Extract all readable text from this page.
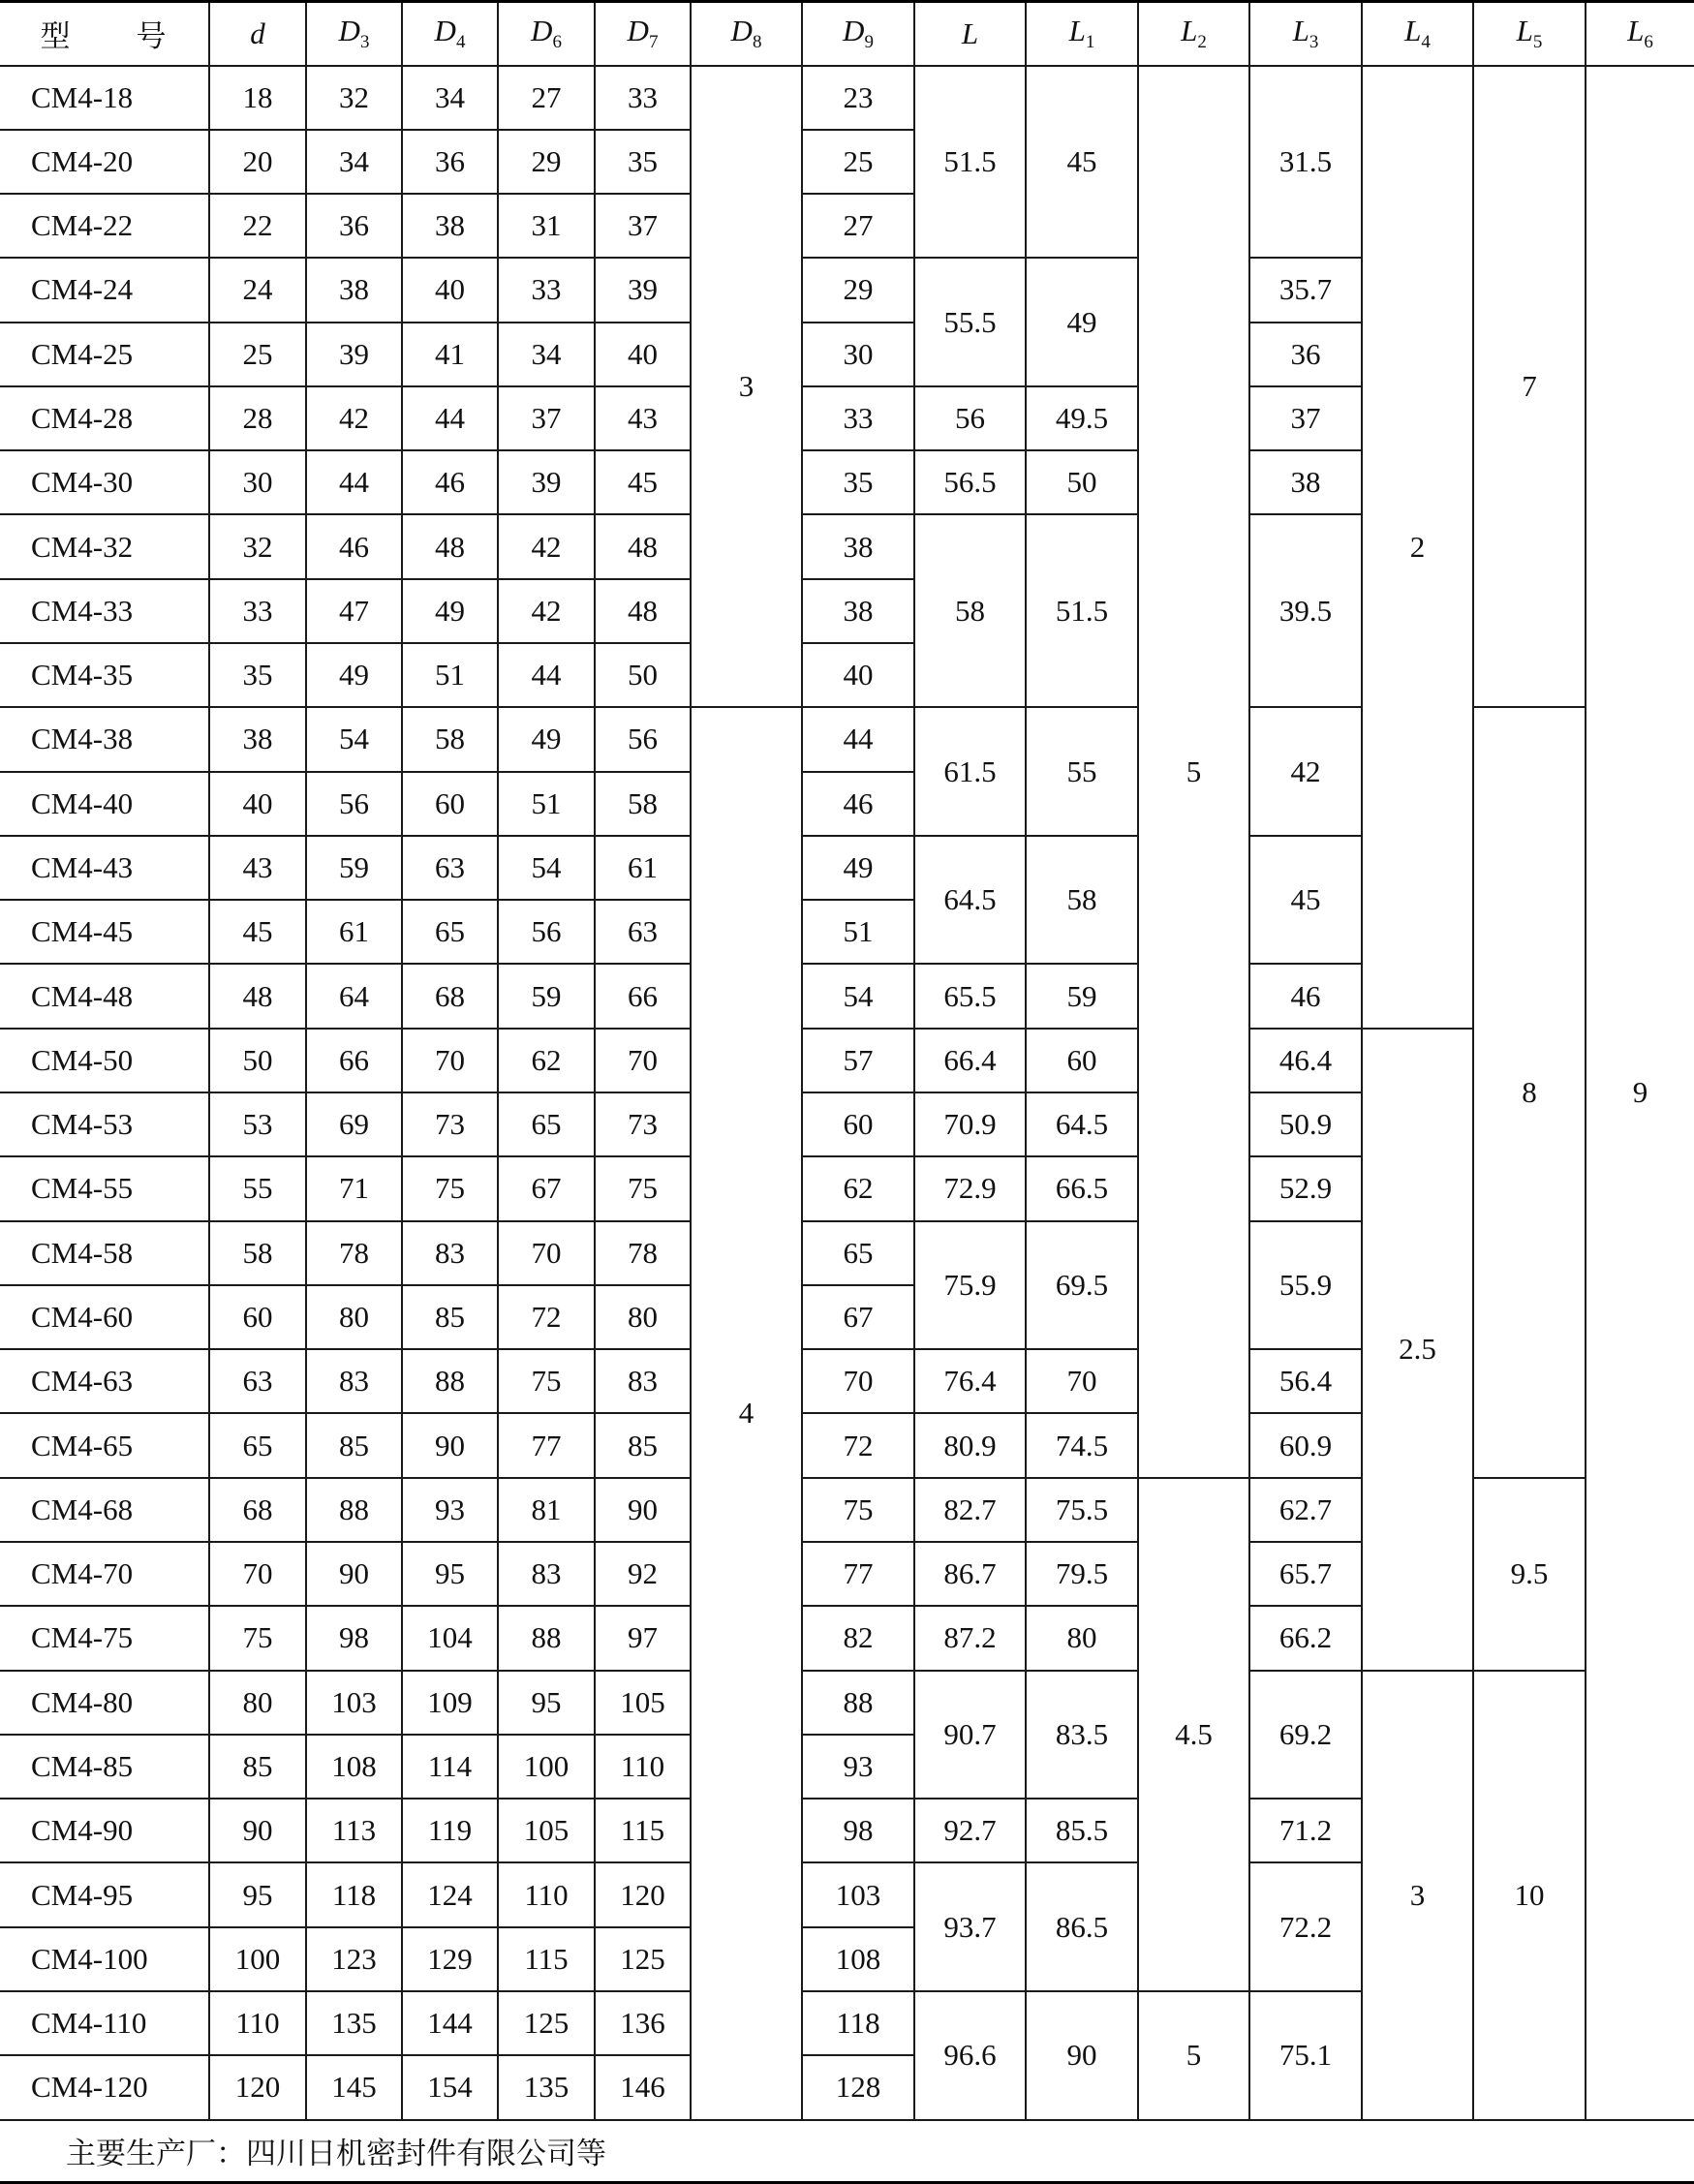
型　　号	d	$D_3$	$D_4$	$D_6$	$D_7$	$D_8$	$D_9$	L	$L_1$	$L_2$	$L_3$	$L_4$	$L_5$	$L_6$
CM4-18	18	32	34	27	33	3	23	51.5	45	5	31.5	2	7	9
CM4-20	20	34	36	29	35		25							
CM4-22	22	36	38	31	37		27							
CM4-24	24	38	40	33	39		29	55.5	49		35.7			
CM4-25	25	39	41	34	40		30				36			
CM4-28	28	42	44	37	43		33	56	49.5		37			
CM4-30	30	44	46	39	45		35	56.5	50		38			
CM4-32	32	46	48	42	48		38	58	51.5		39.5			
CM4-33	33	47	49	42	48		38							
CM4-35	35	49	51	44	50		40							
CM4-38	38	54	58	49	56	4	44	61.5	55		42		8	
CM4-40	40	56	60	51	58		46							
CM4-43	43	59	63	54	61		49	64.5	58		45			
CM4-45	45	61	65	56	63		51							
CM4-48	48	64	68	59	66		54	65.5	59		46			
CM4-50	50	66	70	62	70		57	66.4	60		46.4	2.5		
CM4-53	53	69	73	65	73		60	70.9	64.5		50.9			
CM4-55	55	71	75	67	75		62	72.9	66.5		52.9			
CM4-58	58	78	83	70	78		65	75.9	69.5		55.9			
CM4-60	60	80	85	72	80		67							
CM4-63	63	83	88	75	83		70	76.4	70		56.4			
CM4-65	65	85	90	77	85		72	80.9	74.5		60.9			
CM4-68	68	88	93	81	90		75	82.7	75.5	4.5	62.7		9.5	
CM4-70	70	90	95	83	92		77	86.7	79.5		65.7			
CM4-75	75	98	104	88	97		82	87.2	80		66.2			
CM4-80	80	103	109	95	105		88	90.7	83.5		69.2	3	10	
CM4-85	85	108	114	100	110		93							
CM4-90	90	113	119	105	115		98	92.7	85.5		71.2			
CM4-95	95	118	124	110	120		103	93.7	86.5		72.2			
CM4-100	100	123	129	115	125		108							
CM4-110	110	135	144	125	136		118	96.6	90	5	75.1			
CM4-120	120	145	154	135	146		128							
主要生产厂：四川日机密封件有限公司等														
